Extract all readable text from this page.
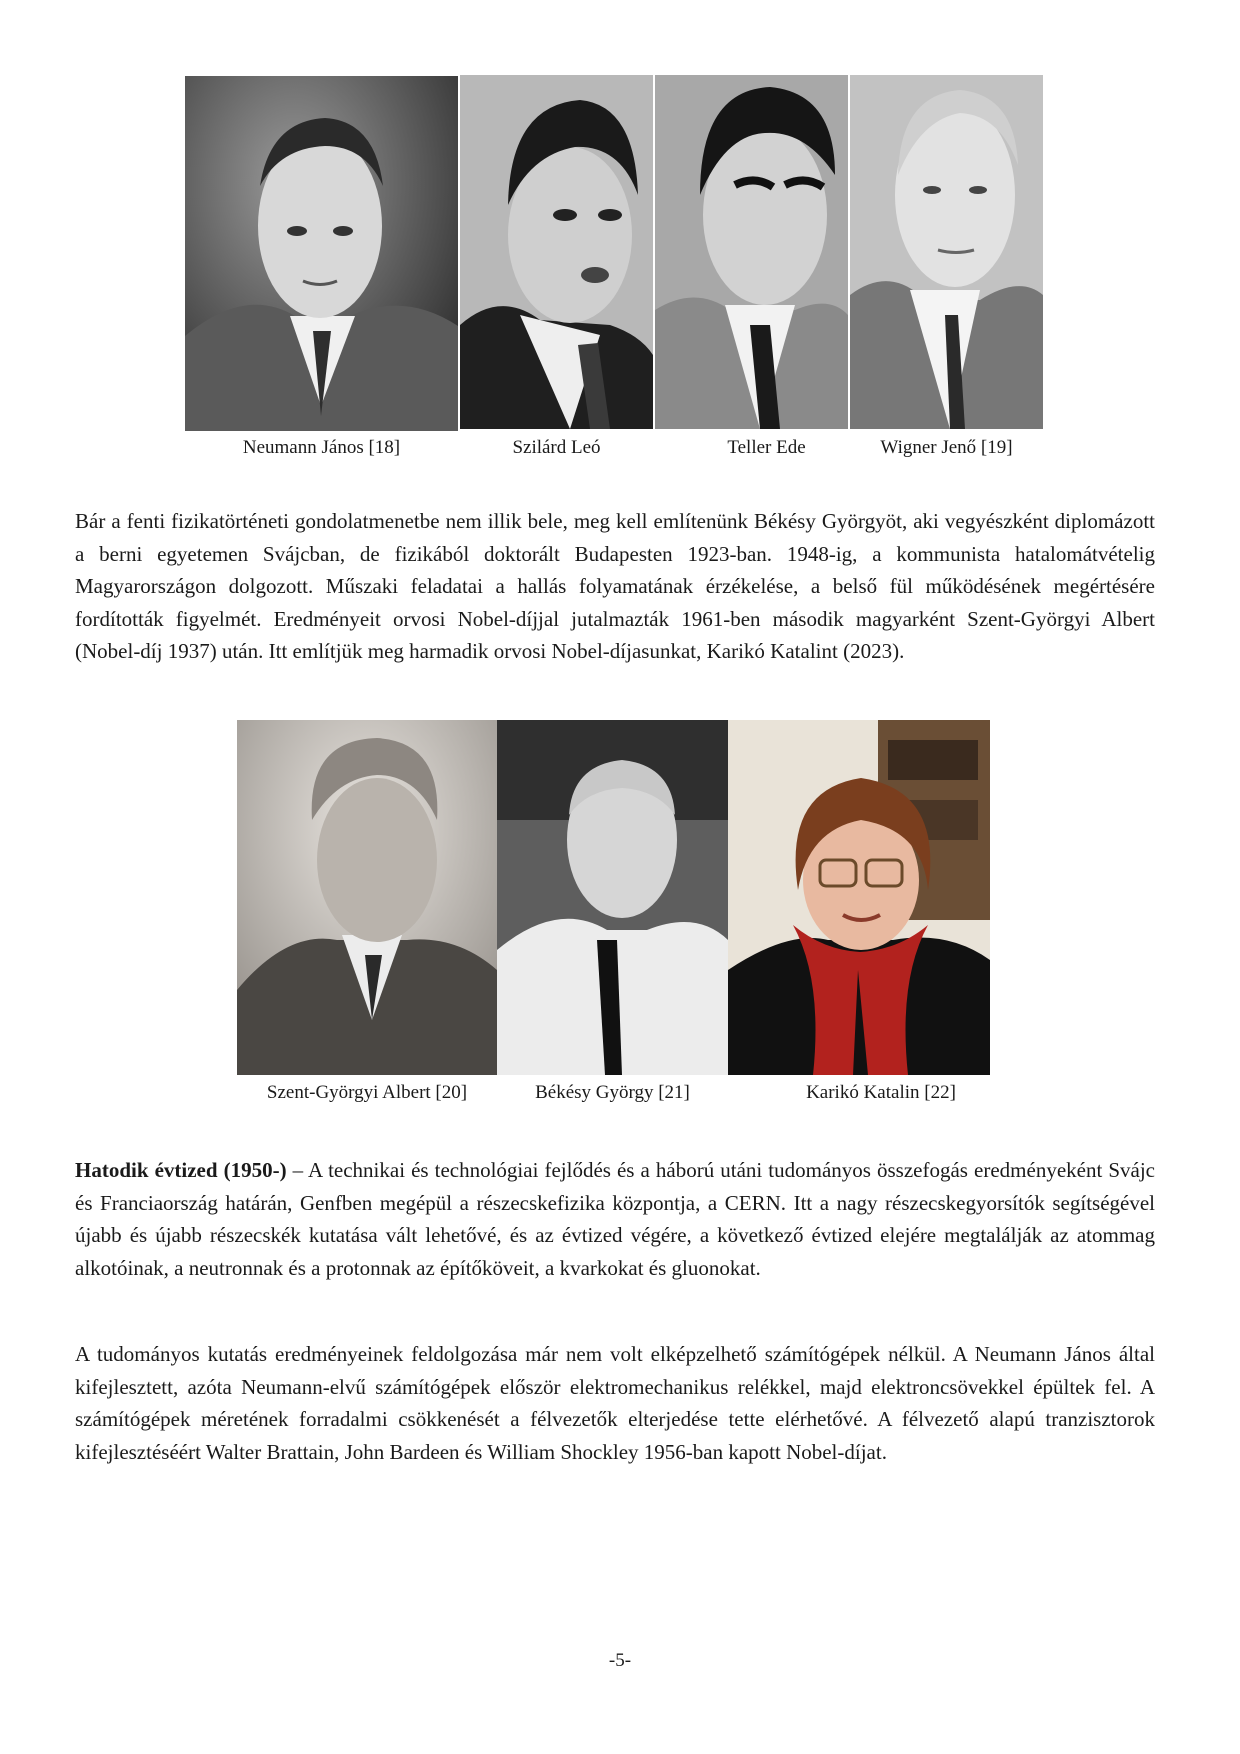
Neumann János [18]	Szilárd Leó	Teller Ede	Wigner Jenő [19]

Bár a fenti fizikatörténeti gondolatmenetbe nem illik bele, meg kell említenünk Békésy Györgyöt, aki vegyészként diplomázott a berni egyetemen Svájcban, de fizikából doktorált Budapesten 1923-ban. 1948-ig, a kommunista hatalomátvételig Magyarországon dolgozott. Műszaki feladatai a hallás folyamatának érzékelése, a belső fül működésének megértésére fordították figyelmét. Eredményeit orvosi Nobel-díjjal jutalmazták 1961-ben második magyarként Szent-Györgyi Albert (Nobel-díj 1937) után. Itt említjük meg harmadik orvosi Nobel-díjasunkat, Karikó Katalint (2023).

Szent-Györgyi Albert [20]	Békésy György [21]	Karikó Katalin [22]

Hatodik évtized (1950-) – A technikai és technológiai fejlődés és a háború utáni tudományos összefogás eredményeként Svájc és Franciaország határán, Genfben megépül a részecskefizika központja, a CERN. Itt a nagy részecskegyorsítók segítségével újabb és újabb részecskék kutatása vált lehetővé, és az évtized végére, a következő évtized elejére megtalálják az atommag alkotóinak, a neutronnak és a protonnak az építőköveit, a kvarkokat és gluonokat.

A tudományos kutatás eredményeinek feldolgozása már nem volt elképzelhető számítógépek nélkül. A Neumann János által kifejlesztett, azóta Neumann-elvű számítógépek először elektromechanikus relékkel, majd elektroncsövekkel épültek fel. A számítógépek méretének forradalmi csökkenését a félvezetők elterjedése tette elérhetővé. A félvezető alapú tranzisztorok kifejlesztéséért Walter Brattain, John Bardeen és William Shockley 1956-ban kapott Nobel-díjat.

-5-
